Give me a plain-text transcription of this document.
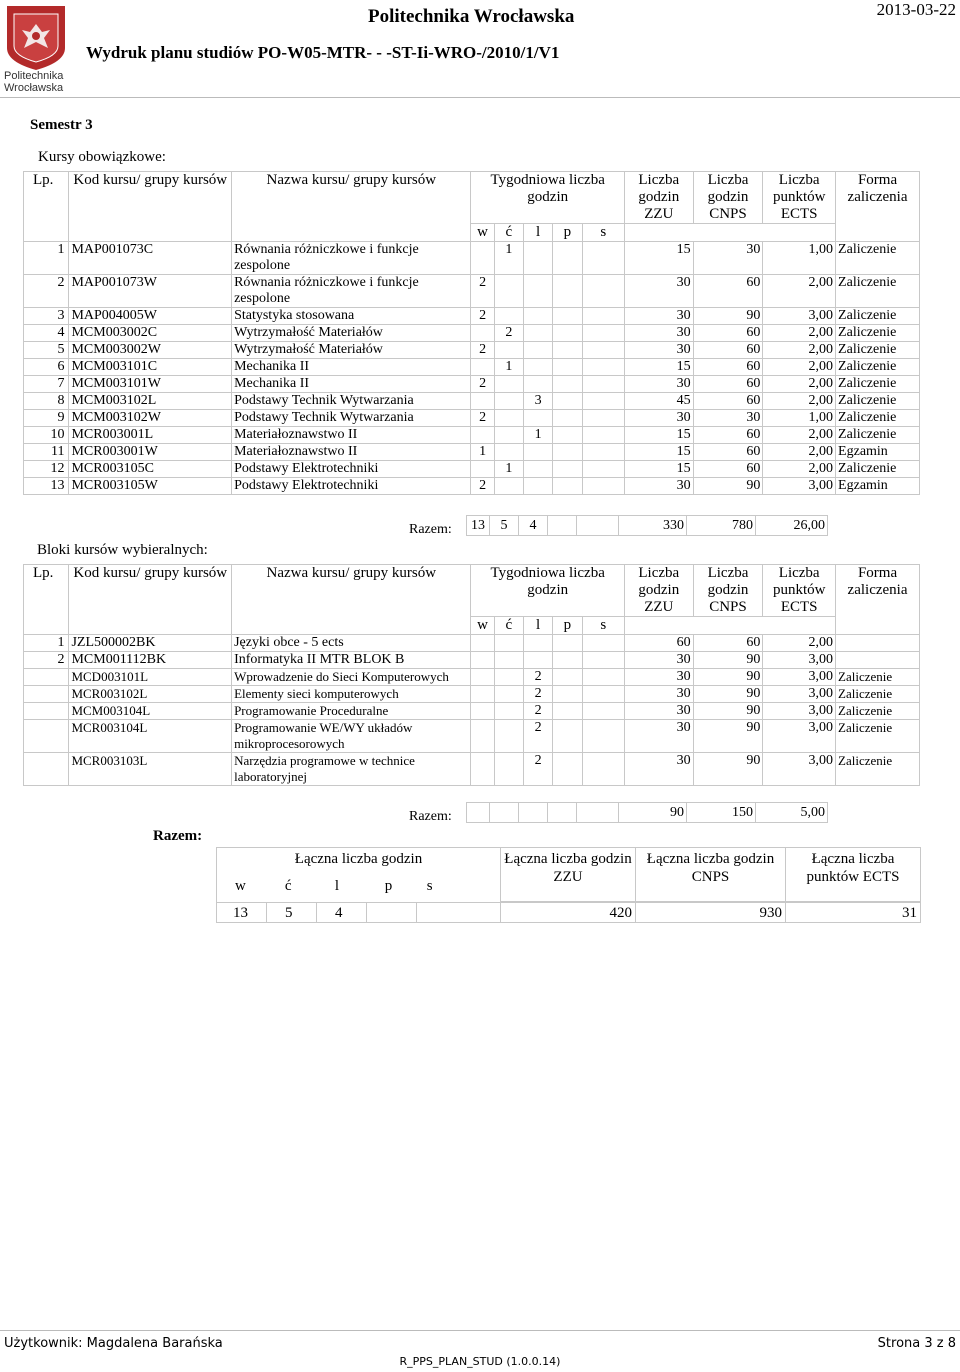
Politechnika Wrocławska
Politechnika Wrocławska
Wydruk planu studiów PO-W05-MTR- - -ST-Ii-WRO-/2010/1/V1
2013-03-22
Semestr 3
Kursy obowiązkowe:
Lp.	Kod kursu/ grupy kursów	Nazwa kursu/ grupy kursów	Tygodniowa liczba godzin					Liczba godzin ZZU	Liczba godzin CNPS	Liczba punktów ECTS	Forma zaliczenia
			w	ć	l	p	s				
1	MAP001073C	Równania różniczkowe i funkcje zespolone		1				15	30	1,00	Zaliczenie
2	MAP001073W	Równania różniczkowe i funkcje zespolone	2					30	60	2,00	Zaliczenie
3	MAP004005W	Statystyka stosowana	2					30	90	3,00	Zaliczenie
4	MCM003002C	Wytrzymałość Materiałów		2				30	60	2,00	Zaliczenie
5	MCM003002W	Wytrzymałość Materiałów	2					30	60	2,00	Zaliczenie
6	MCM003101C	Mechanika II		1				15	60	2,00	Zaliczenie
7	MCM003101W	Mechanika II	2					30	60	2,00	Zaliczenie
8	MCM003102L	Podstawy Technik Wytwarzania			3			45	60	2,00	Zaliczenie
9	MCM003102W	Podstawy Technik Wytwarzania	2					30	30	1,00	Zaliczenie
10	MCR003001L	Materiałoznawstwo II			1			15	60	2,00	Zaliczenie
11	MCR003001W	Materiałoznawstwo II	1					15	60	2,00	Egzamin
12	MCR003105C	Podstawy Elektrotechniki		1				15	60	2,00	Zaliczenie
13	MCR003105W	Podstawy Elektrotechniki	2					30	90	3,00	Egzamin
Razem: 13	5	4			330	780	26,00
Bloki kursów wybieralnych:
Lp.	Kod kursu/ grupy kursów	Nazwa kursu/ grupy kursów	Tygodniowa liczba godzin					Liczba godzin ZZU	Liczba godzin CNPS	Liczba punktów ECTS	Forma zaliczenia
			w	ć	l	p	s				
1	JZL500002BK	Języki obce - 5 ects						60	60	2,00	
2	MCM001112BK	Informatyka II MTR BLOK B						30	90	3,00	
	MCD003101L	Wprowadzenie do Sieci Komputerowych			2			30	90	3,00	Zaliczenie
	MCR003102L	Elementy sieci komputerowych			2			30	90	3,00	Zaliczenie
	MCM003104L	Programowanie Proceduralne			2			30	90	3,00	Zaliczenie
	MCR003104L	Programowanie WE/WY układów mikroprocesorowych			2			30	90	3,00	Zaliczenie
	MCR003103L	Narzędzia programowe w technice laboratoryjnej			2			30	90	3,00	Zaliczenie
Razem:
						90	150	5,00
Razem:
Łączna liczba godzin					Łączna liczba godzin ZZU	Łączna liczba godzin CNPS	Łączna liczba punktów ECTS

w ć l p s							

13	5	4			420	930	31
Użytkownik: Magdalena Barańska	Strona 3 z 8
R_PPS_PLAN_STUD (1.0.0.14)
